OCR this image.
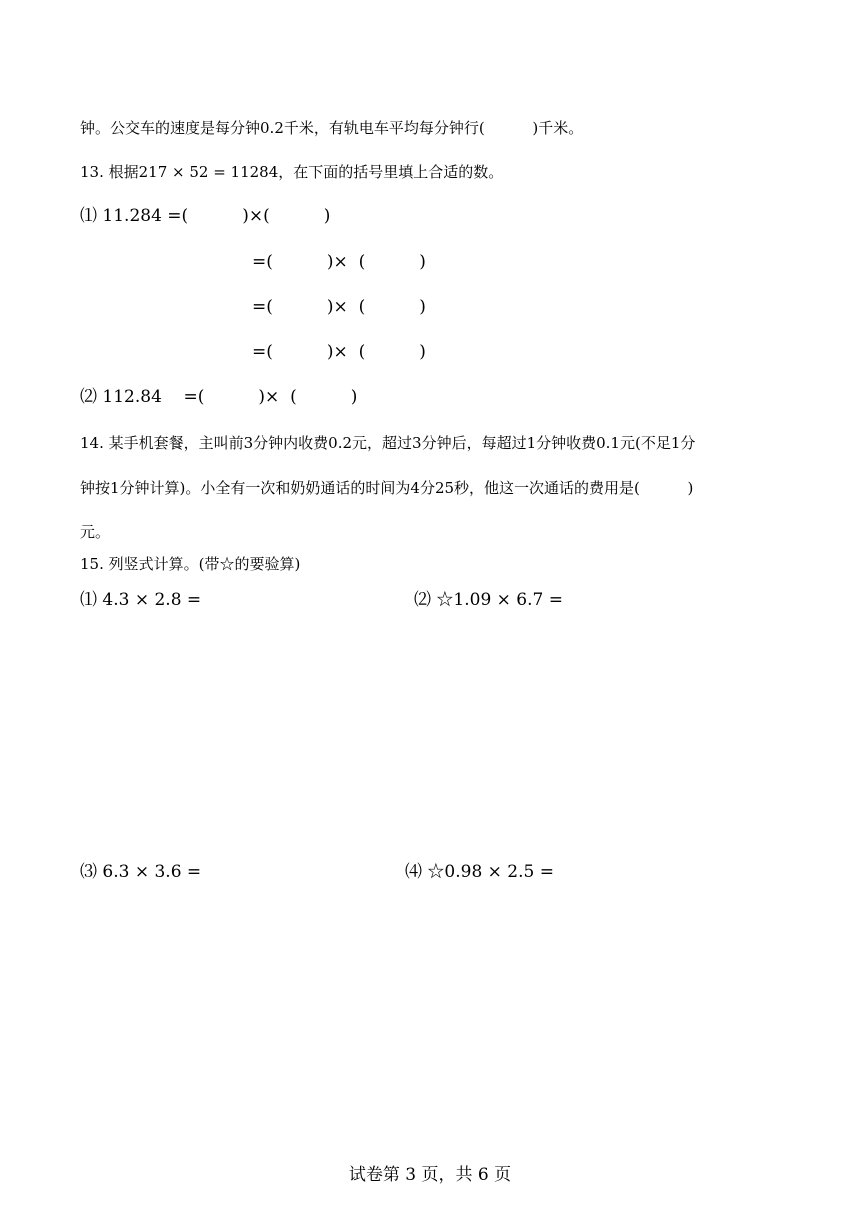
钟。公交车的速度是每分钟0.2千米，有轨电车平均每分钟行(          )千米。
13. 根据217 × 52 = 11284，在下面的括号里填上合适的数。
⑴ 11.284 =(          )×(          )
=(          )×  (          )
=(          )×  (          )
=(          )×  (          )
⑵ 112.84    =(          )×  (          )
14. 某手机套餐，主叫前3分钟内收费0.2元，超过3分钟后，每超过1分钟收费0.1元(不足1分
钟按1分钟计算)。小全有一次和奶奶通话的时间为4分25秒，他这一次通话的费用是(          )
元。
15. 列竖式计算。(带☆的要验算)
⑴ 4.3 × 2.8 =	⑵ ☆1.09 × 6.7 =
⑶ 6.3 × 3.6 =	⑷ ☆0.98 × 2.5 =
试卷第 3 页，共 6 页
